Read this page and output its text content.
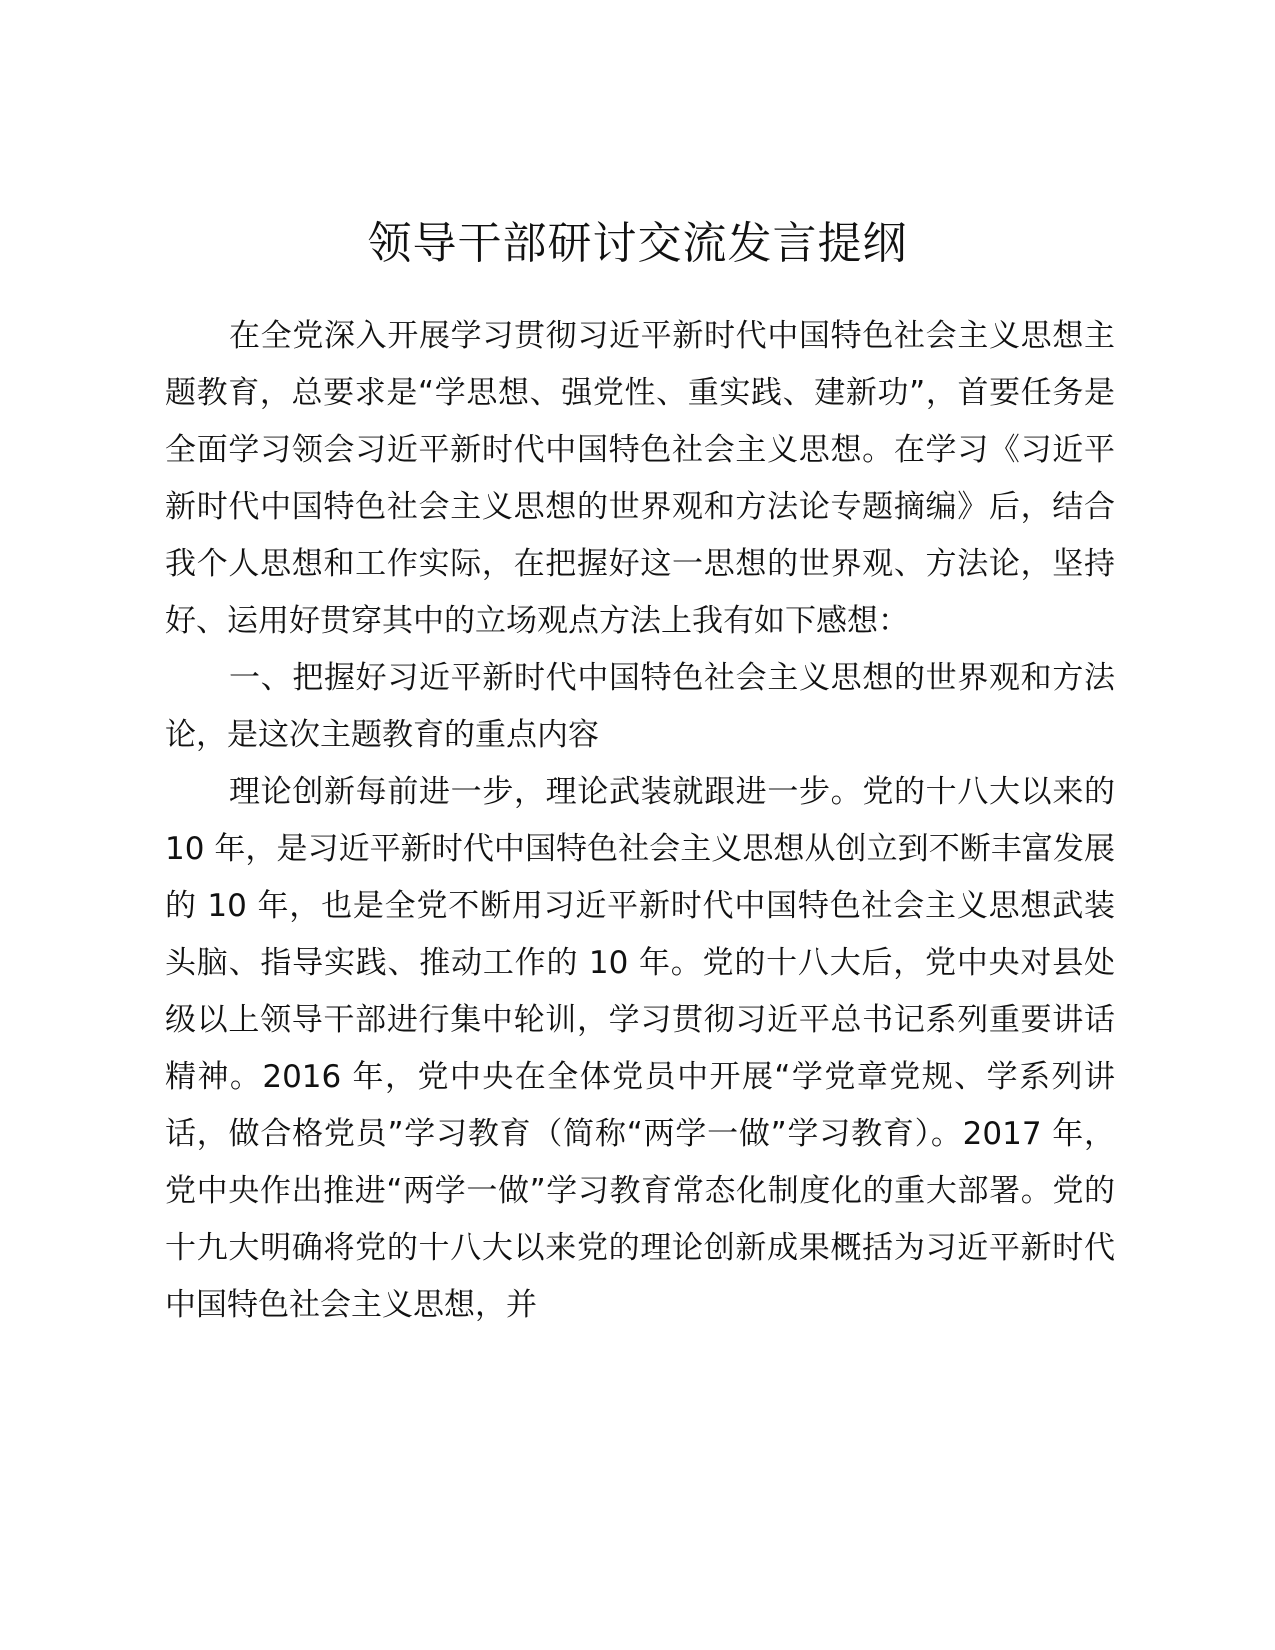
领导干部研讨交流发言提纲

在全党深入开展学习贯彻习近平新时代中国特色社会主义思想主题教育，总要求是“学思想、强党性、重实践、建新功”，首要任务是全面学习领会习近平新时代中国特色社会主义思想。在学习《习近平新时代中国特色社会主义思想的世界观和方法论专题摘编》后，结合我个人思想和工作实际，在把握好这一思想的世界观、方法论，坚持好、运用好贯穿其中的立场观点方法上我有如下感想：

一、把握好习近平新时代中国特色社会主义思想的世界观和方法论，是这次主题教育的重点内容

理论创新每前进一步，理论武装就跟进一步。党的十八大以来的 10 年，是习近平新时代中国特色社会主义思想从创立到不断丰富发展的 10 年，也是全党不断用习近平新时代中国特色社会主义思想武装头脑、指导实践、推动工作的 10 年。党的十八大后，党中央对县处级以上领导干部进行集中轮训，学习贯彻习近平总书记系列重要讲话精神。2016 年，党中央在全体党员中开展“学党章党规、学系列讲话，做合格党员”学习教育（简称“两学一做”学习教育）。2017 年，党中央作出推进“两学一做”学习教育常态化制度化的重大部署。党的十九大明确将党的十八大以来党的理论创新成果概括为习近平新时代中国特色社会主义思想，并
